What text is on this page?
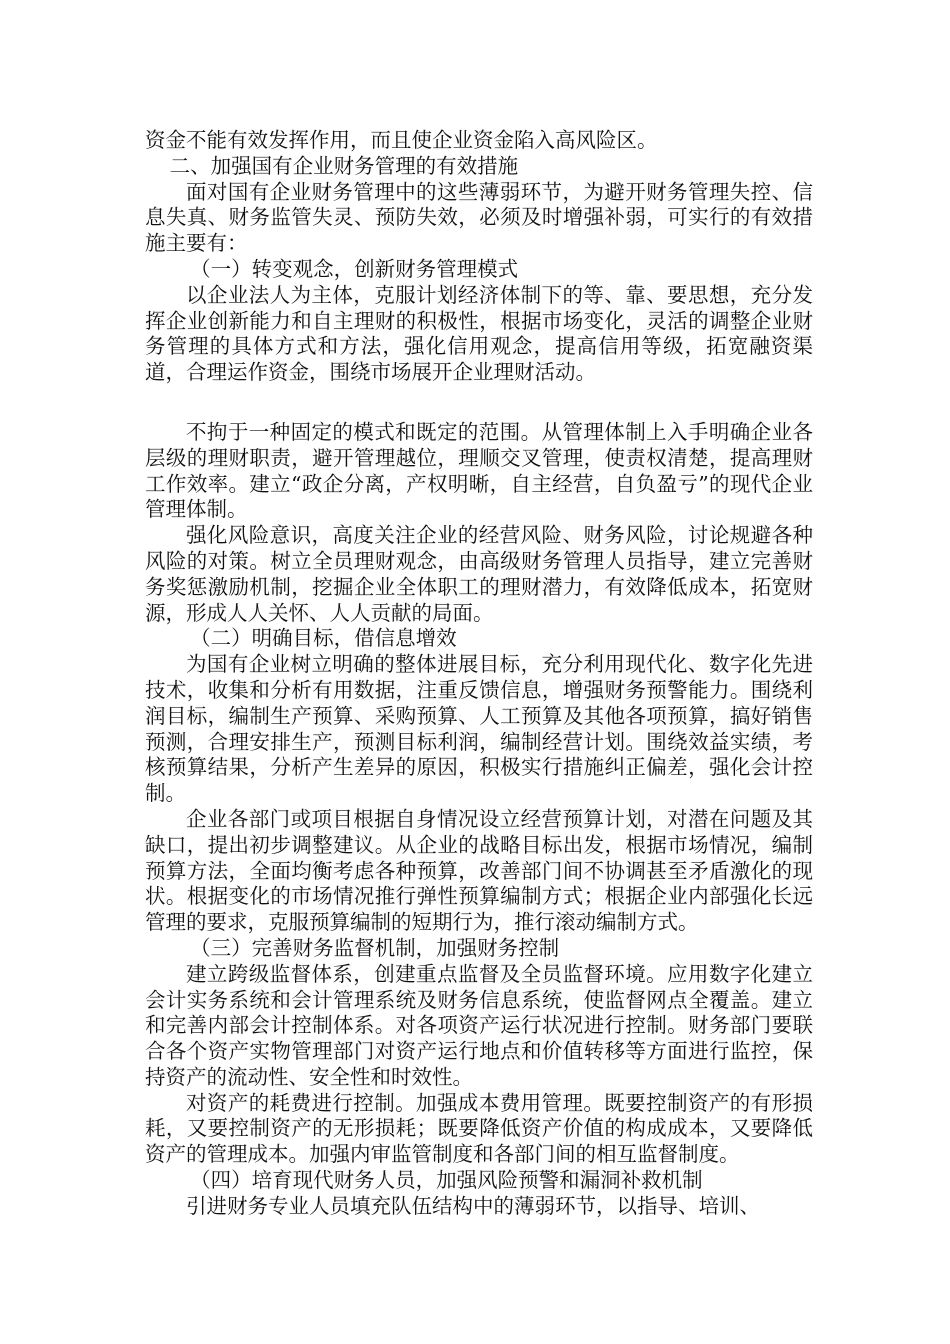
资金不能有效发挥作用，而且使企业资金陷入高风险区。

二、加强国有企业财务管理的有效措施

面对国有企业财务管理中的这些薄弱环节，为避开财务管理失控、信息失真、财务监管失灵、预防失效，必须及时增强补弱，可实行的有效措施主要有：

（一）转变观念，创新财务管理模式

以企业法人为主体，克服计划经济体制下的等、靠、要思想，充分发挥企业创新能力和自主理财的积极性，根据市场变化，灵活的调整企业财务管理的具体方式和方法，强化信用观念，提高信用等级，拓宽融资渠道，合理运作资金，围绕市场展开企业理财活动。

不拘于一种固定的模式和既定的范围。从管理体制上入手明确企业各层级的理财职责，避开管理越位，理顺交叉管理，使责权清楚，提高理财工作效率。建立“政企分离，产权明晰，自主经营，自负盈亏”的现代企业管理体制。

强化风险意识，高度关注企业的经营风险、财务风险，讨论规避各种风险的对策。树立全员理财观念，由高级财务管理人员指导，建立完善财务奖惩激励机制，挖掘企业全体职工的理财潜力，有效降低成本，拓宽财源，形成人人关怀、人人贡献的局面。

（二）明确目标，借信息增效

为国有企业树立明确的整体进展目标，充分利用现代化、数字化先进技术，收集和分析有用数据，注重反馈信息，增强财务预警能力。围绕利润目标，编制生产预算、采购预算、人工预算及其他各项预算，搞好销售预测，合理安排生产，预测目标利润，编制经营计划。围绕效益实绩，考核预算结果，分析产生差异的原因，积极实行措施纠正偏差，强化会计控制。

企业各部门或项目根据自身情况设立经营预算计划，对潜在问题及其缺口，提出初步调整建议。从企业的战略目标出发，根据市场情况，编制预算方法，全面均衡考虑各种预算，改善部门间不协调甚至矛盾激化的现状。根据变化的市场情况推行弹性预算编制方式；根据企业内部强化长远管理的要求，克服预算编制的短期行为，推行滚动编制方式。

（三）完善财务监督机制，加强财务控制

建立跨级监督体系，创建重点监督及全员监督环境。应用数字化建立会计实务系统和会计管理系统及财务信息系统，使监督网点全覆盖。建立和完善内部会计控制体系。对各项资产运行状况进行控制。财务部门要联合各个资产实物管理部门对资产运行地点和价值转移等方面进行监控，保持资产的流动性、安全性和时效性。

对资产的耗费进行控制。加强成本费用管理。既要控制资产的有形损耗，又要控制资产的无形损耗；既要降低资产价值的构成成本，又要降低资产的管理成本。加强内审监管制度和各部门间的相互监督制度。

（四）培育现代财务人员，加强风险预警和漏洞补救机制

引进财务专业人员填充队伍结构中的薄弱环节，以指导、培训、
